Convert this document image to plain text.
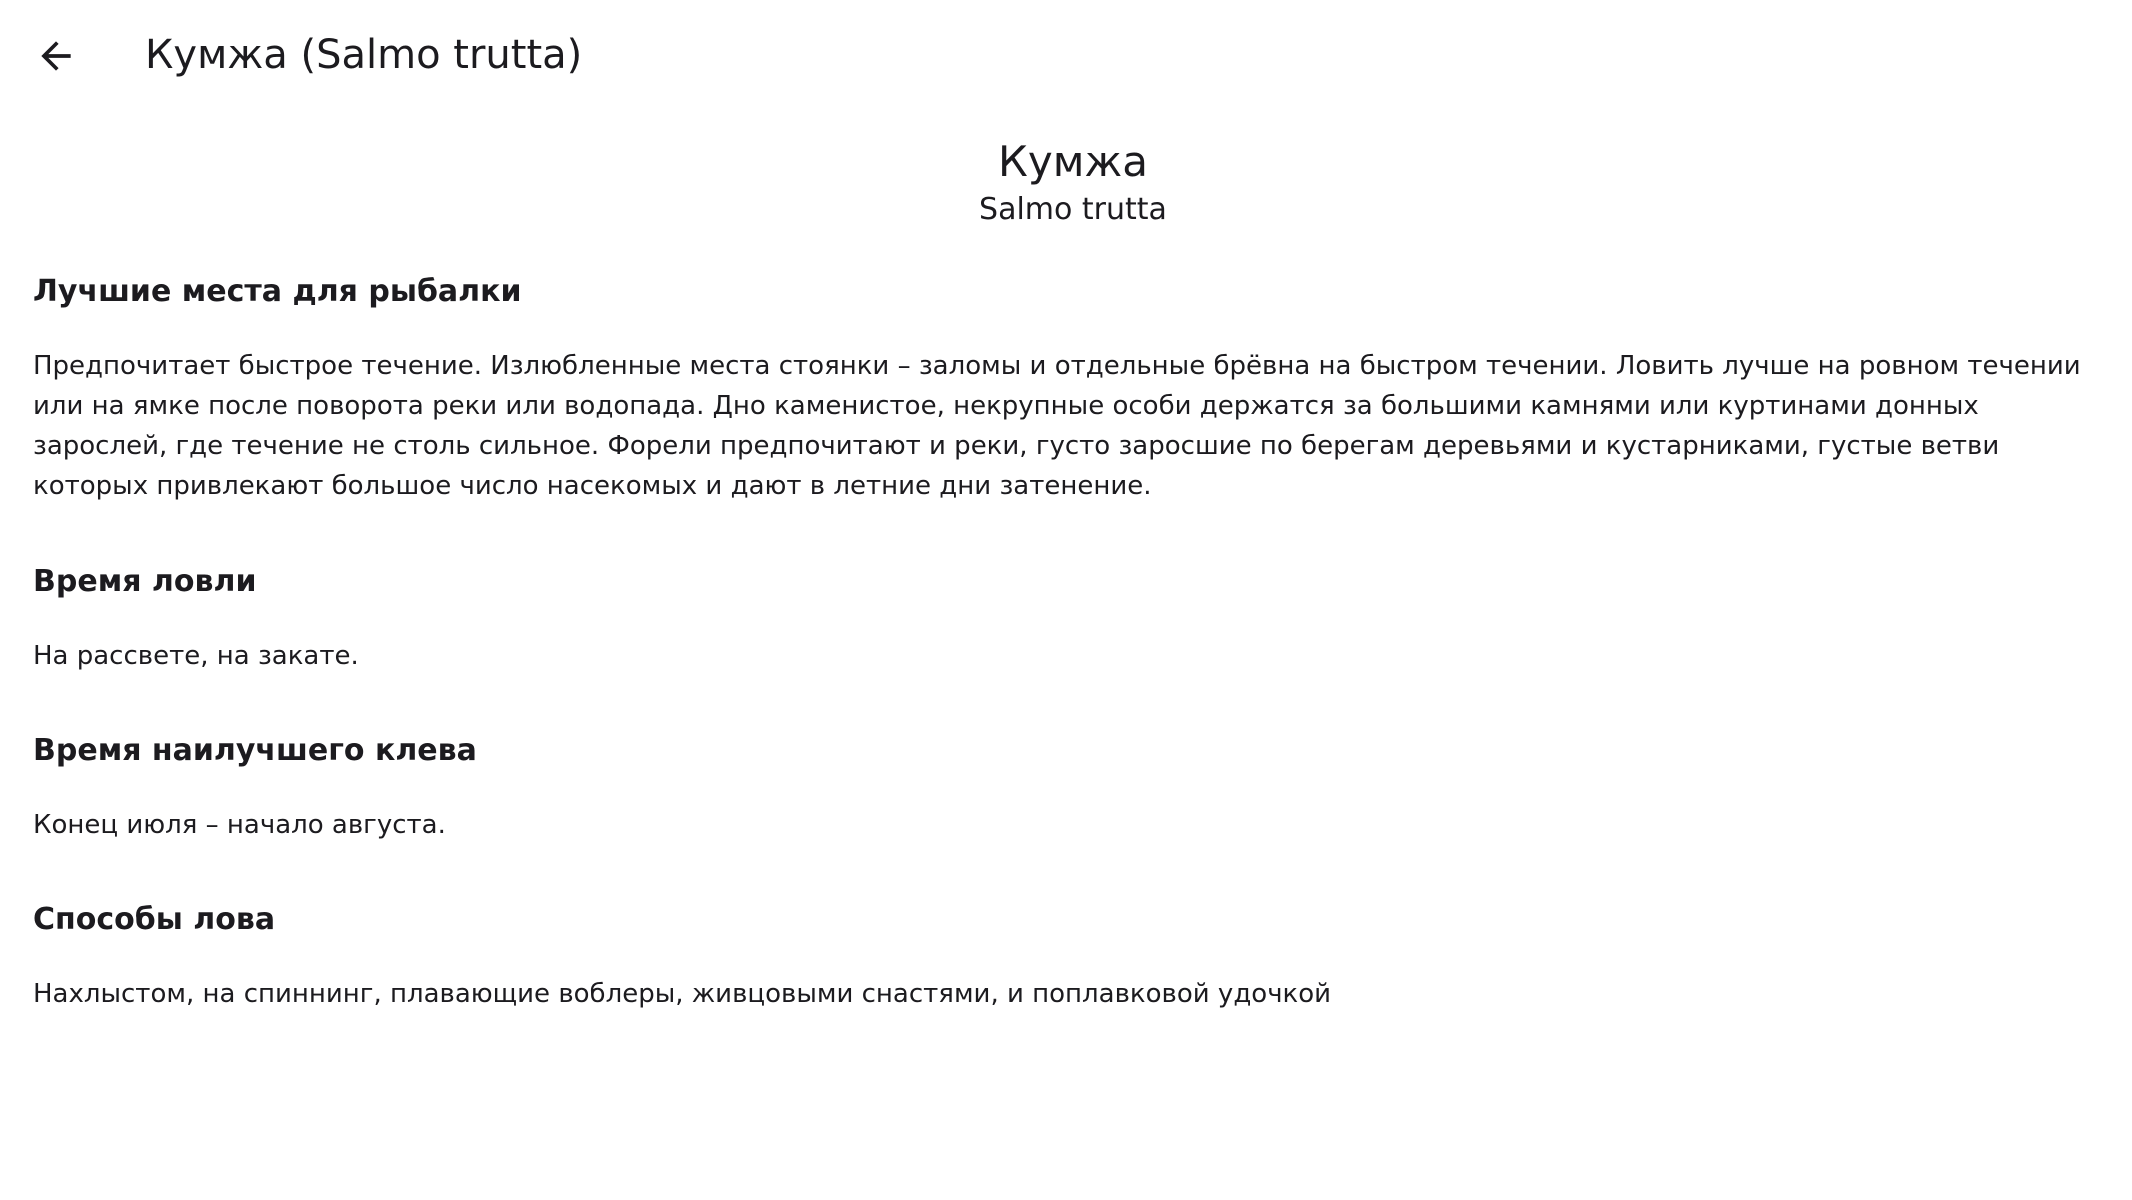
Кумжа (Salmo trutta)
Кумжа
Salmo trutta
Лучшие места для рыбалки
Предпочитает быстрое течение. Излюбленные места стоянки – заломы и отдельные брёвна на быстром течении. Ловить лучше на ровном течении или на ямке после поворота реки или водопада. Дно каменистое, некрупные особи держатся за большими камнями или куртинами донных зарослей, где течение не столь сильное. Форели предпочитают и реки, густо заросшие по берегам деревьями и кустарниками, густые ветви которых привлекают большое число насекомых и дают в летние дни затенение.
Время ловли
На рассвете, на закате.
Время наилучшего клева
Конец июля – начало августа.
Способы лова
Нахлыстом, на спиннинг, плавающие воблеры, живцовыми снастями, и поплавковой удочкой
